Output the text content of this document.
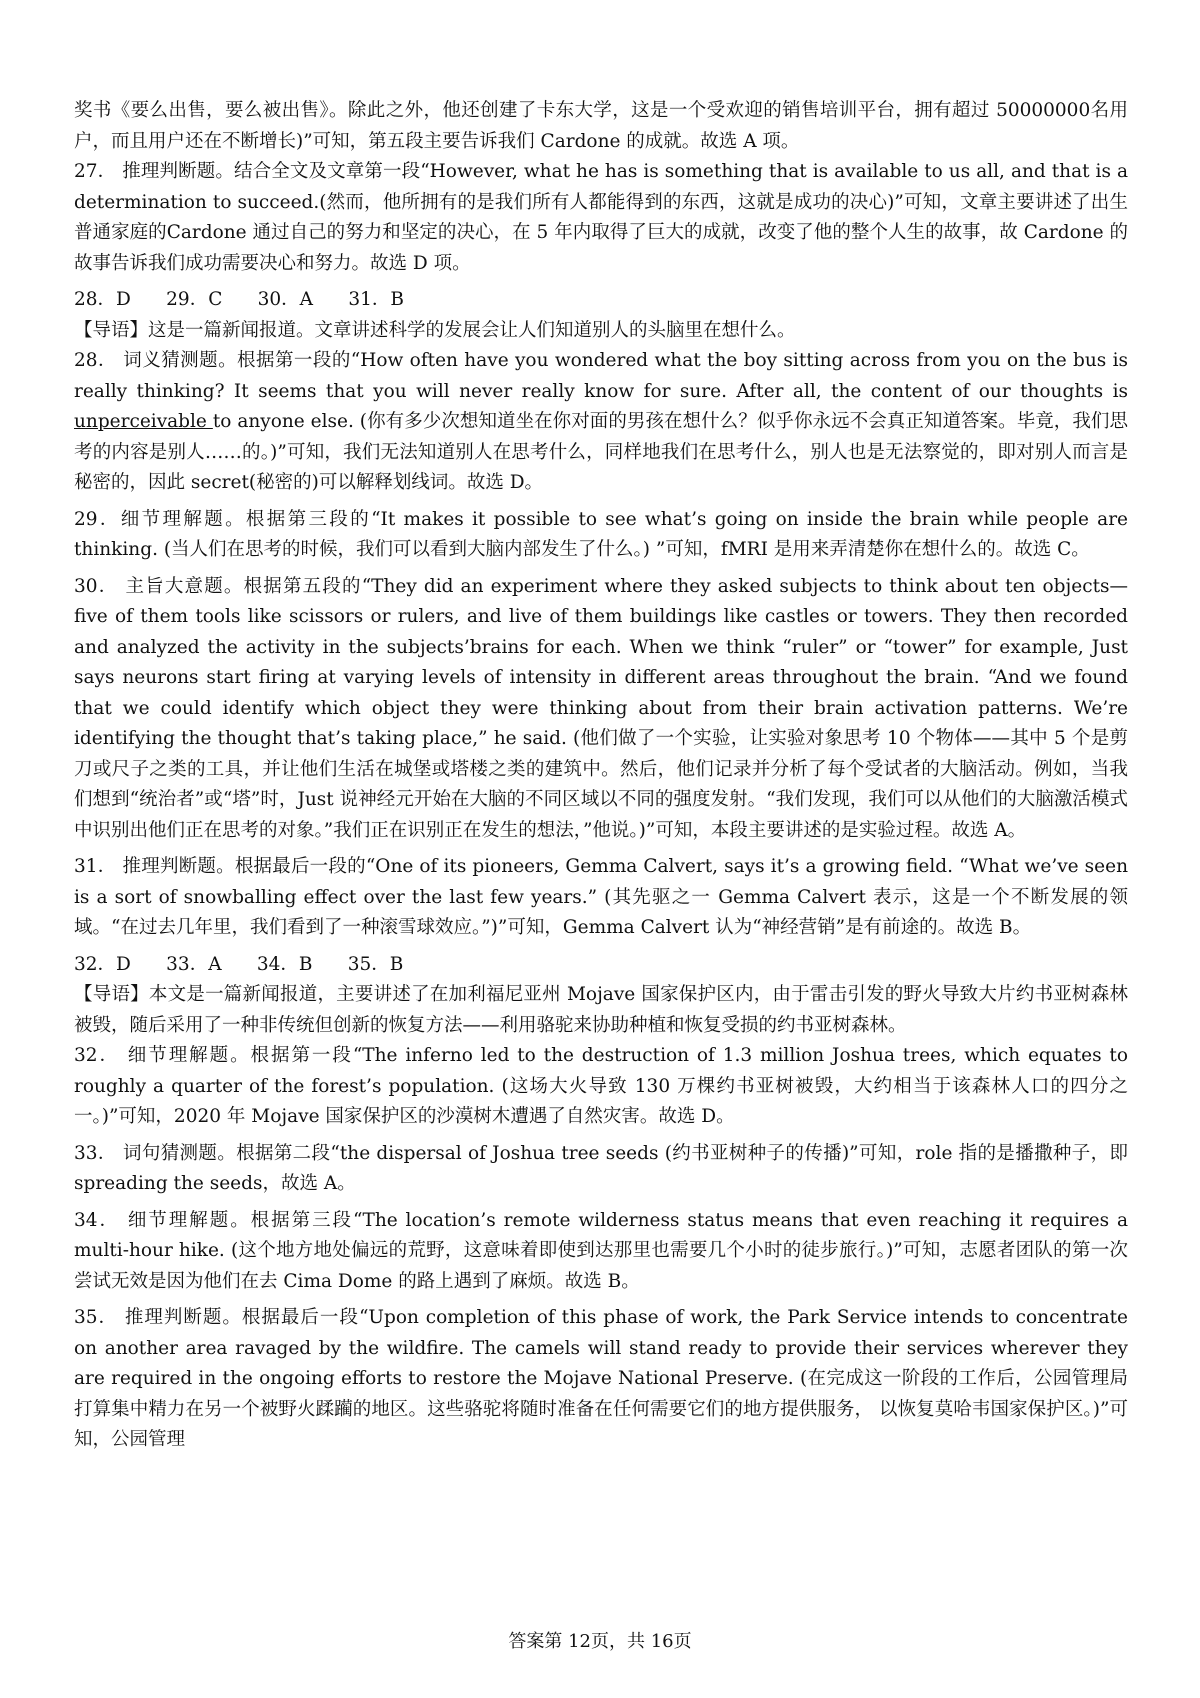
奖书《要么出售，要么被出售》。除此之外，他还创建了卡东大学，这是一个受欢迎的销售培训平台，拥有超过 50000000名用户，而且用户还在不断增长)”可知，第五段主要告诉我们 Cardone 的成就。故选 A 项。

27． 推理判断题。结合全文及文章第一段“However, what he has is something that is available to us all, and that is a determination to succeed.(然而，他所拥有的是我们所有人都能得到的东西，这就是成功的决心)”可知，文章主要讲述了出生普通家庭的Cardone 通过自己的努力和坚定的决心，在 5 年内取得了巨大的成就，改变了他的整个人生的故事，故 Cardone 的故事告诉我们成功需要决心和努力。故选 D 项。

28．D      29．C      30．A      31．B

【导语】这是一篇新闻报道。文章讲述科学的发展会让人们知道别人的头脑里在想什么。

28． 词义猜测题。根据第一段的“How often have you wondered what the boy sitting across from you on the bus is really thinking? It seems that you will never really know for sure. After all, the content of our thoughts is unperceivable to anyone else. (你有多少次想知道坐在你对面的男孩在想什么？似乎你永远不会真正知道答案。毕竟，我们思考的内容是别人……的。)”可知，我们无法知道别人在思考什么，同样地我们在思考什么，别人也是无法察觉的，即对别人而言是秘密的，因此 secret(秘密的)可以解释划线词。故选 D。

29．细节理解题。根据第三段的“It makes it possible to see what’s going on inside the brain while people are thinking. (当人们在思考的时候，我们可以看到大脑内部发生了什么。) ”可知，fMRI 是用来弄清楚你在想什么的。故选 C。

30． 主旨大意题。根据第五段的“They did an experiment where they asked subjects to think about ten objects—five of them tools like scissors or rulers, and live of them buildings like castles or towers. They then recorded and analyzed the activity in the subjects’brains for each. When we think “ruler” or “tower” for example, Just says neurons start firing at varying levels of intensity in different areas throughout the brain. “And we found that we could identify which object they were thinking about from their brain activation patterns. We’re identifying the thought that’s taking place,” he said. (他们做了一个实验，让实验对象思考 10 个物体——其中 5 个是剪刀或尺子之类的工具，并让他们生活在城堡或塔楼之类的建筑中。然后，他们记录并分析了每个受试者的大脑活动。例如，当我们想到“统治者”或“塔”时，Just 说神经元开始在大脑的不同区域以不同的强度发射。“我们发现，我们可以从他们的大脑激活模式中识别出他们正在思考的对象。”我们正在识别正在发生的想法，”他说。)”可知，本段主要讲述的是实验过程。故选 A。

31． 推理判断题。根据最后一段的“One of its pioneers, Gemma Calvert, says it’s a growing field. “What we’ve seen is a sort of snowballing effect over the last few years.” (其先驱之一 Gemma Calvert 表示，这是一个不断发展的领域。“在过去几年里，我们看到了一种滚雪球效应。”)”可知，Gemma Calvert 认为“神经营销”是有前途的。故选 B。

32．D      33．A      34．B      35．B

【导语】本文是一篇新闻报道，主要讲述了在加利福尼亚州 Mojave 国家保护区内，由于雷击引发的野火导致大片约书亚树森林被毁，随后采用了一种非传统但创新的恢复方法——利用骆驼来协助种植和恢复受损的约书亚树森林。

32． 细节理解题。根据第一段“The inferno led to the destruction of 1.3 million Joshua trees, which equates to roughly a quarter of the forest’s population. (这场大火导致 130 万棵约书亚树被毁，大约相当于该森林人口的四分之一。)”可知，2020 年 Mojave 国家保护区的沙漠树木遭遇了自然灾害。故选 D。

33． 词句猜测题。根据第二段“the dispersal of Joshua tree seeds (约书亚树种子的传播)”可知，role 指的是播撒种子，即 spreading the seeds，故选 A。

34． 细节理解题。根据第三段“The location’s remote wilderness status means that even reaching it requires a multi-hour hike. (这个地方地处偏远的荒野，这意味着即使到达那里也需要几个小时的徒步旅行。)”可知，志愿者团队的第一次尝试无效是因为他们在去 Cima Dome 的路上遇到了麻烦。故选 B。

35． 推理判断题。根据最后一段“Upon completion of this phase of work, the Park Service intends to concentrate on another area ravaged by the wildfire. The camels will stand ready to provide their services wherever they are required in the ongoing efforts to restore the Mojave National Preserve. (在完成这一阶段的工作后，公园管理局打算集中精力在另一个被野火蹂躏的地区。这些骆驼将随时准备在任何需要它们的地方提供服务， 以恢复莫哈韦国家保护区。)”可知，公园管理

答案第 12页，共 16页
